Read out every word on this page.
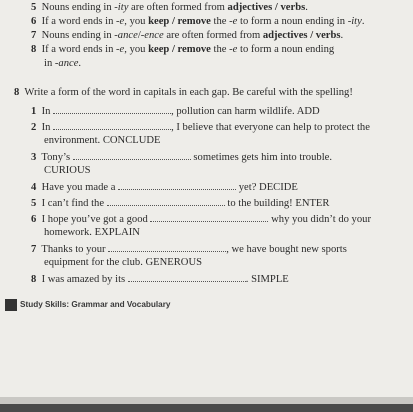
5 Nouns ending in -ity are often formed from adjectives / verbs.
6 If a word ends in -e, you keep / remove the -e to form a noun ending in -ity.
7 Nouns ending in -ance/-ence are often formed from adjectives / verbs.
8 If a word ends in -e, you keep / remove the -e to form a noun ending
in -ance.
8 Write a form of the word in capitals in each gap. Be careful with the spelling!
1 In	, pollution can harm wildlife. ADD
2 In	, I believe that everyone can help to protect the
environment. CONCLUDE
3 Tony’s	sometimes gets him into trouble.
CURIOUS
4 Have you made a	yet? DECIDE
5 I can’t find the	to the building! ENTER
6 I hope you’ve got a good	why you didn’t do your
homework. EXPLAIN
7 Thanks to your	, we have bought new sports
equipment for the club. GENEROUS
8 I was amazed by its	. SIMPLE
Study Skills: Grammar and Vocabulary
